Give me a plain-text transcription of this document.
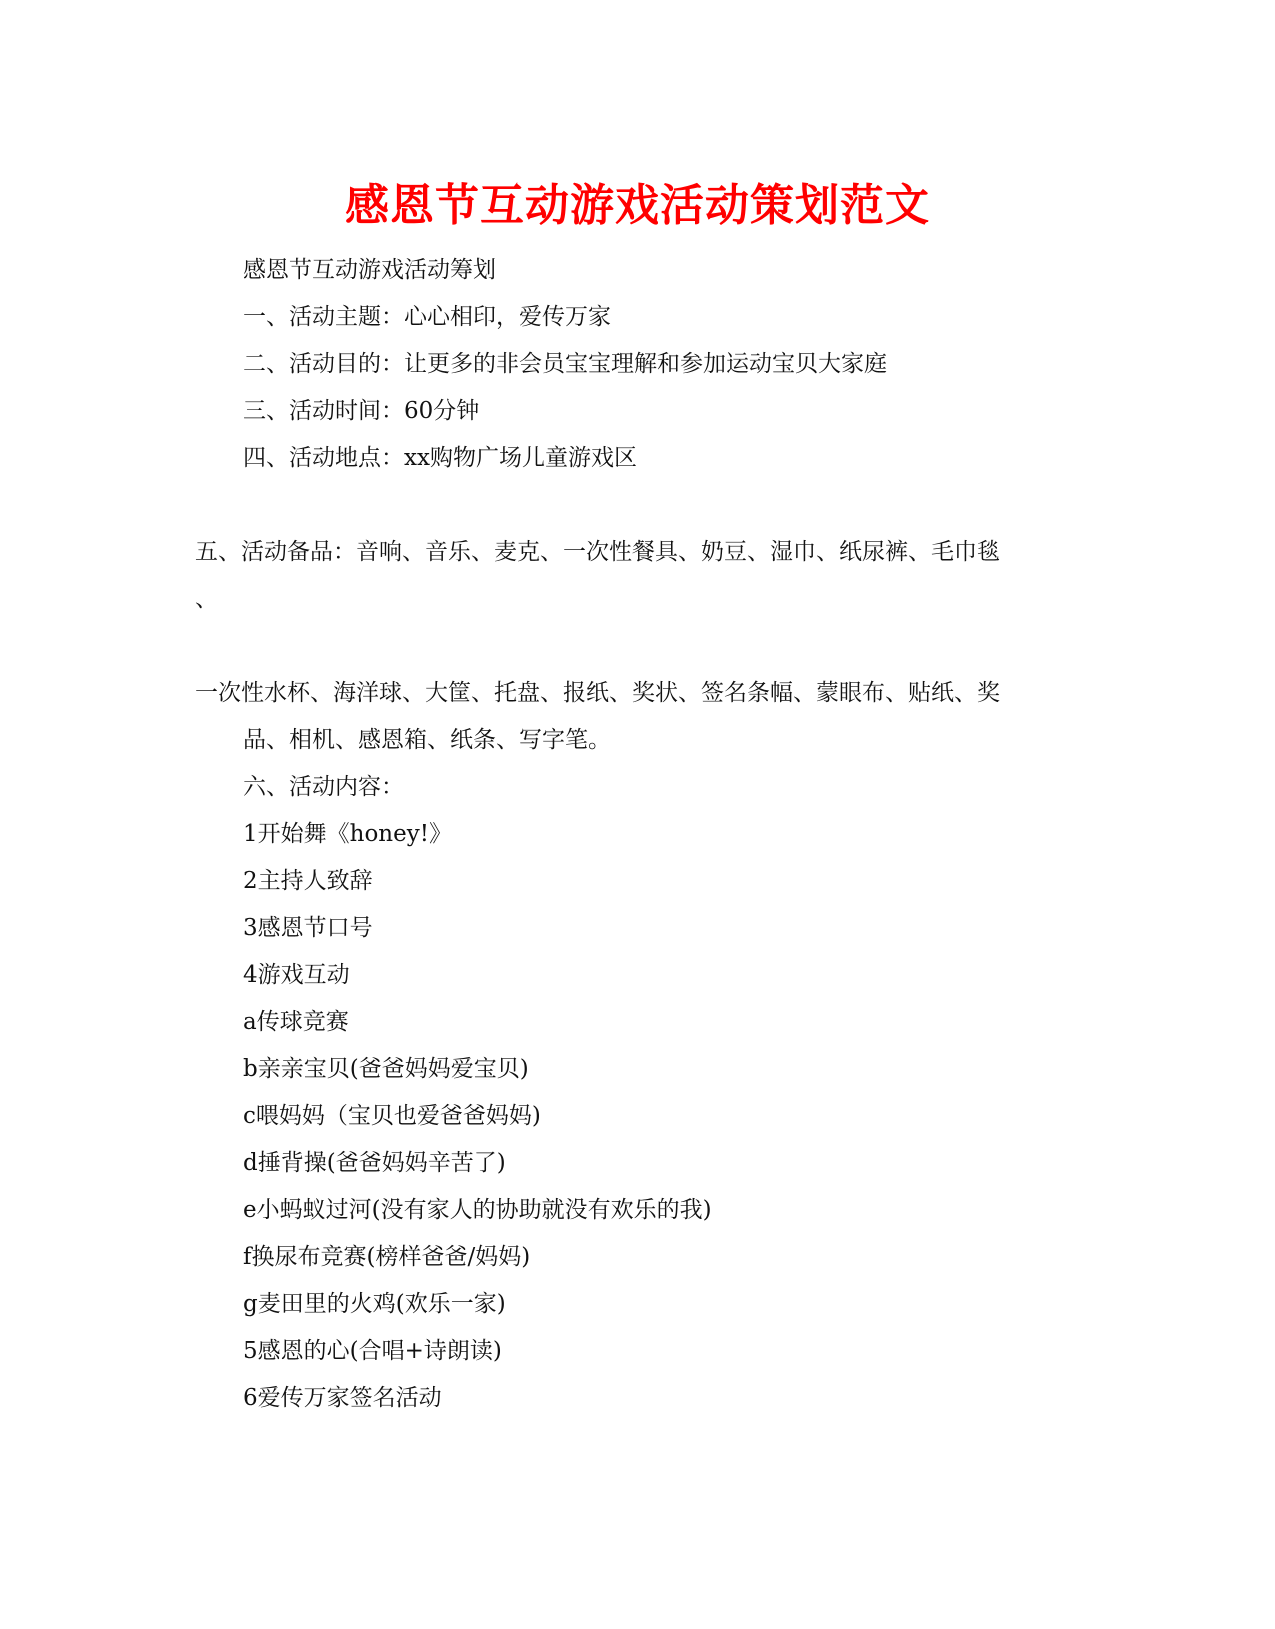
感恩节互动游戏活动策划范文
感恩节互动游戏活动筹划
一、活动主题：心心相印，爱传万家
二、活动目的：让更多的非会员宝宝理解和参加运动宝贝大家庭
三、活动时间：60分钟
四、活动地点：xx购物广场儿童游戏区
五、活动备品：音响、音乐、麦克、一次性餐具、奶豆、湿巾、纸尿裤、毛巾毯
、
一次性水杯、海洋球、大筐、托盘、报纸、奖状、签名条幅、蒙眼布、贴纸、奖
品、相机、感恩箱、纸条、写字笔。
六、活动内容：
1开始舞《honey!》
2主持人致辞
3感恩节口号
4游戏互动
a传球竞赛
b亲亲宝贝(爸爸妈妈爱宝贝)
c喂妈妈（宝贝也爱爸爸妈妈)
d捶背操(爸爸妈妈辛苦了)
e小蚂蚁过河(没有家人的协助就没有欢乐的我)
f换尿布竞赛(榜样爸爸/妈妈)
g麦田里的火鸡(欢乐一家)
5感恩的心(合唱+诗朗读)
6爱传万家签名活动
